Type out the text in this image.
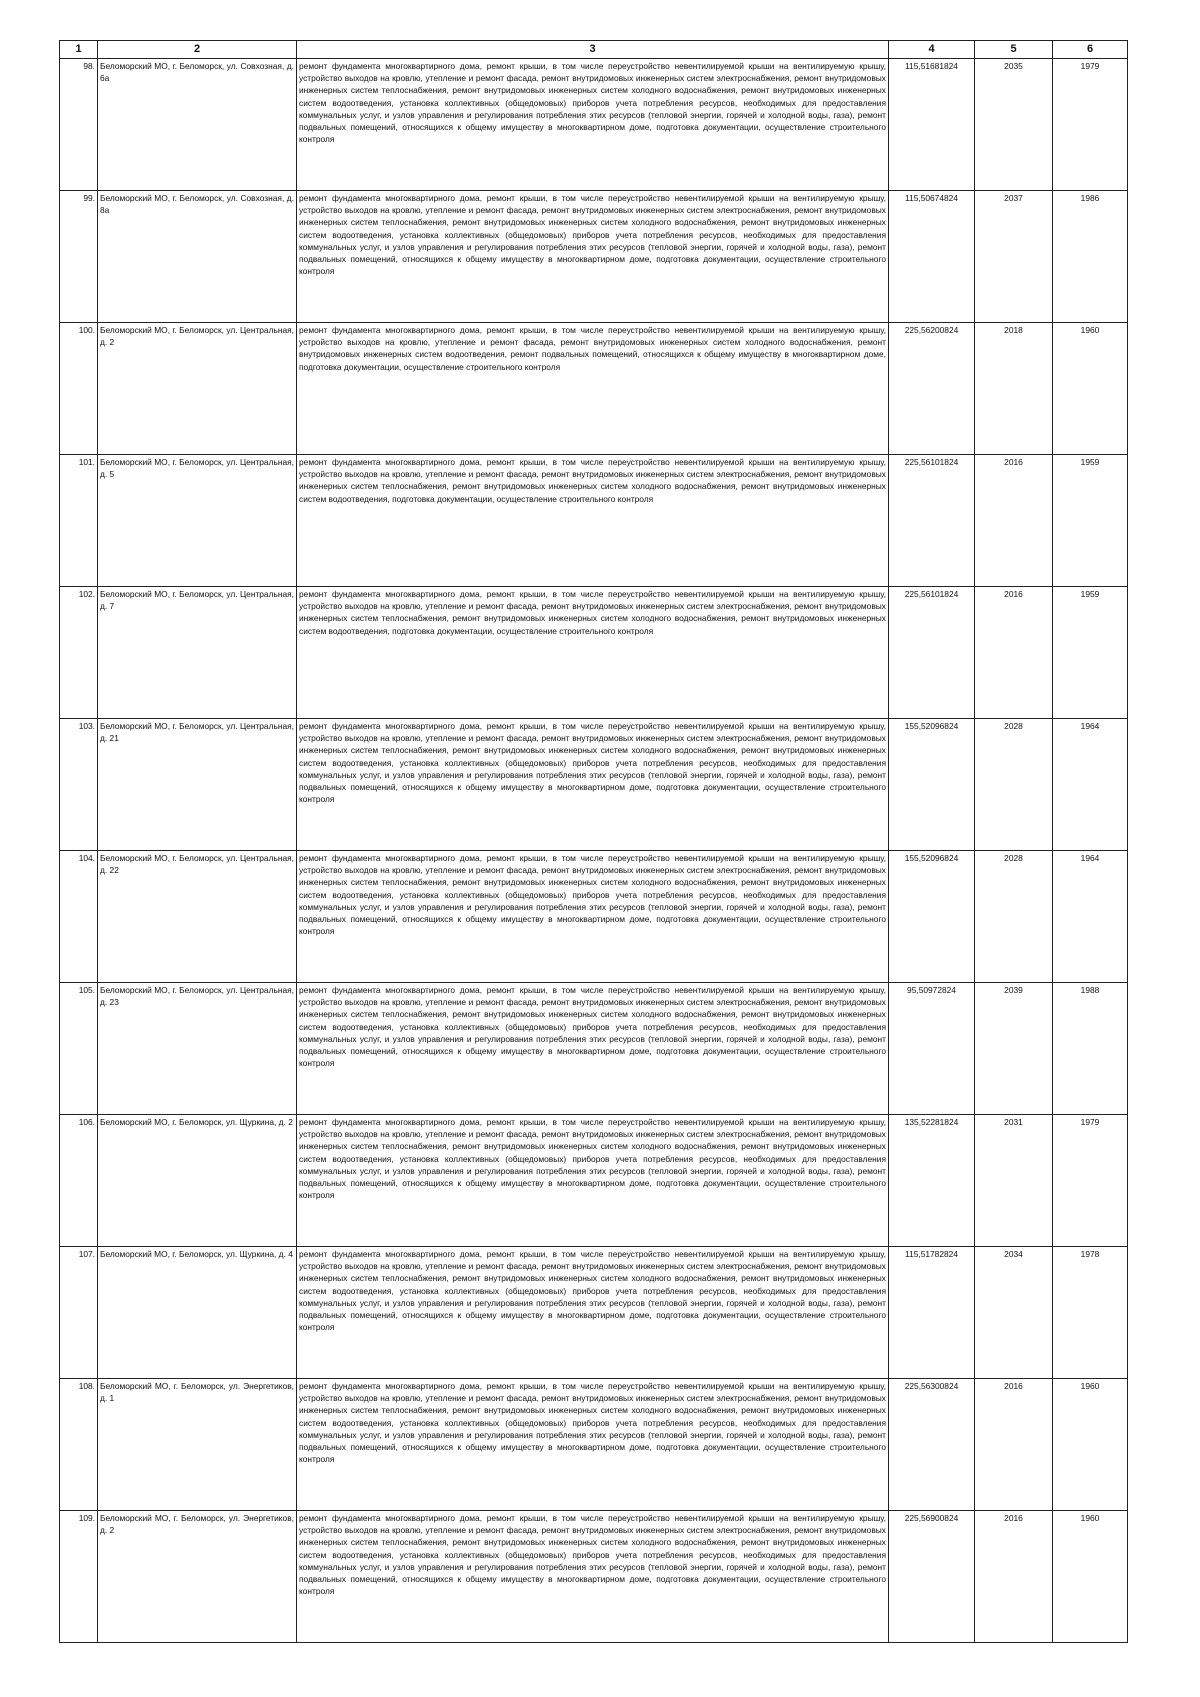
1	2	3	4	5	6
98.	Беломорский МО, г. Беломорск, ул. Совхозная, д. 6а	ремонт фундамента многоквартирного дома, ремонт крыши, в том числе переустройство невентилируемой крыши на вентилируемую крышу, устройство выходов на кровлю, утепление и ремонт фасада, ремонт внутридомовых инженерных систем электроснабжения, ремонт внутридомовых инженерных систем теплоснабжения, ремонт внутридомовых инженерных систем холодного водоснабжения, ремонт внутридомовых инженерных систем водоотведения, установка коллективных (общедомовых) приборов учета потребления ресурсов, необходимых для предоставления коммунальных услуг, и узлов управления и регулирования потребления этих ресурсов (тепловой энергии, горячей и холодной воды, газа), ремонт подвальных помещений, относящихся к общему имуществу в многоквартирном доме, подготовка документации, осуществление строительного контроля	115,51681824	2035	1979
99.	Беломорский МО, г. Беломорск, ул. Совхозная, д. 8а	ремонт фундамента многоквартирного дома, ремонт крыши, в том числе переустройство невентилируемой крыши на вентилируемую крышу, устройство выходов на кровлю, утепление и ремонт фасада, ремонт внутридомовых инженерных систем электроснабжения, ремонт внутридомовых инженерных систем теплоснабжения, ремонт внутридомовых инженерных систем холодного водоснабжения, ремонт внутридомовых инженерных систем водоотведения, установка коллективных (общедомовых) приборов учета потребления ресурсов, необходимых для предоставления коммунальных услуг, и узлов управления и регулирования потребления этих ресурсов (тепловой энергии, горячей и холодной воды, газа), ремонт подвальных помещений, относящихся к общему имуществу в многоквартирном доме, подготовка документации, осуществление строительного контроля	115,50674824	2037	1986
100.	Беломорский МО, г. Беломорск, ул. Центральная, д. 2	ремонт фундамента многоквартирного дома, ремонт крыши, в том числе переустройство невентилируемой крыши на вентилируемую крышу, устройство выходов на кровлю, утепление и ремонт фасада, ремонт внутридомовых инженерных систем холодного водоснабжения, ремонт внутридомовых инженерных систем водоотведения, ремонт подвальных помещений, относящихся к общему имуществу в многоквартирном доме, подготовка документации, осуществление строительного контроля	225,56200824	2018	1960
101.	Беломорский МО, г. Беломорск, ул. Центральная, д. 5	ремонт фундамента многоквартирного дома, ремонт крыши, в том числе переустройство невентилируемой крыши на вентилируемую крышу, устройство выходов на кровлю, утепление и ремонт фасада, ремонт внутридомовых инженерных систем электроснабжения, ремонт внутридомовых инженерных систем теплоснабжения, ремонт внутридомовых инженерных систем холодного водоснабжения, ремонт внутридомовых инженерных систем водоотведения, подготовка документации, осуществление строительного контроля	225,56101824	2016	1959
102.	Беломорский МО, г. Беломорск, ул. Центральная, д. 7	ремонт фундамента многоквартирного дома, ремонт крыши, в том числе переустройство невентилируемой крыши на вентилируемую крышу, устройство выходов на кровлю, утепление и ремонт фасада, ремонт внутридомовых инженерных систем электроснабжения, ремонт внутридомовых инженерных систем теплоснабжения, ремонт внутридомовых инженерных систем холодного водоснабжения, ремонт внутридомовых инженерных систем водоотведения, подготовка документации, осуществление строительного контроля	225,56101824	2016	1959
103.	Беломорский МО, г. Беломорск, ул. Центральная, д. 21	ремонт фундамента многоквартирного дома, ремонт крыши, в том числе переустройство невентилируемой крыши на вентилируемую крышу, устройство выходов на кровлю, утепление и ремонт фасада, ремонт внутридомовых инженерных систем электроснабжения, ремонт внутридомовых инженерных систем теплоснабжения, ремонт внутридомовых инженерных систем холодного водоснабжения, ремонт внутридомовых инженерных систем водоотведения, установка коллективных (общедомовых) приборов учета потребления ресурсов, необходимых для предоставления коммунальных услуг, и узлов управления и регулирования потребления этих ресурсов (тепловой энергии, горячей и холодной воды, газа), ремонт подвальных помещений, относящихся к общему имуществу в многоквартирном доме, подготовка документации, осуществление строительного контроля	155,52096824	2028	1964
104.	Беломорский МО, г. Беломорск, ул. Центральная, д. 22	ремонт фундамента многоквартирного дома, ремонт крыши, в том числе переустройство невентилируемой крыши на вентилируемую крышу, устройство выходов на кровлю, утепление и ремонт фасада, ремонт внутридомовых инженерных систем электроснабжения, ремонт внутридомовых инженерных систем теплоснабжения, ремонт внутридомовых инженерных систем холодного водоснабжения, ремонт внутридомовых инженерных систем водоотведения, установка коллективных (общедомовых) приборов учета потребления ресурсов, необходимых для предоставления коммунальных услуг, и узлов управления и регулирования потребления этих ресурсов (тепловой энергии, горячей и холодной воды, газа), ремонт подвальных помещений, относящихся к общему имуществу в многоквартирном доме, подготовка документации, осуществление строительного контроля	155,52096824	2028	1964
105.	Беломорский МО, г. Беломорск, ул. Центральная, д. 23	ремонт фундамента многоквартирного дома, ремонт крыши, в том числе переустройство невентилируемой крыши на вентилируемую крышу, устройство выходов на кровлю, утепление и ремонт фасада, ремонт внутридомовых инженерных систем электроснабжения, ремонт внутридомовых инженерных систем теплоснабжения, ремонт внутридомовых инженерных систем холодного водоснабжения, ремонт внутридомовых инженерных систем водоотведения, установка коллективных (общедомовых) приборов учета потребления ресурсов, необходимых для предоставления коммунальных услуг, и узлов управления и регулирования потребления этих ресурсов (тепловой энергии, горячей и холодной воды, газа), ремонт подвальных помещений, относящихся к общему имуществу в многоквартирном доме, подготовка документации, осуществление строительного контроля	95,50972824	2039	1988
106.	Беломорский МО, г. Беломорск, ул. Щуркина, д. 2	ремонт фундамента многоквартирного дома, ремонт крыши, в том числе переустройство невентилируемой крыши на вентилируемую крышу, устройство выходов на кровлю, утепление и ремонт фасада, ремонт внутридомовых инженерных систем электроснабжения, ремонт внутридомовых инженерных систем теплоснабжения, ремонт внутридомовых инженерных систем холодного водоснабжения, ремонт внутридомовых инженерных систем водоотведения, установка коллективных (общедомовых) приборов учета потребления ресурсов, необходимых для предоставления коммунальных услуг, и узлов управления и регулирования потребления этих ресурсов (тепловой энергии, горячей и холодной воды, газа), ремонт подвальных помещений, относящихся к общему имуществу в многоквартирном доме, подготовка документации, осуществление строительного контроля	135,52281824	2031	1979
107.	Беломорский МО, г. Беломорск, ул. Щуркина, д. 4	ремонт фундамента многоквартирного дома, ремонт крыши, в том числе переустройство невентилируемой крыши на вентилируемую крышу, устройство выходов на кровлю, утепление и ремонт фасада, ремонт внутридомовых инженерных систем электроснабжения, ремонт внутридомовых инженерных систем теплоснабжения, ремонт внутридомовых инженерных систем холодного водоснабжения, ремонт внутридомовых инженерных систем водоотведения, установка коллективных (общедомовых) приборов учета потребления ресурсов, необходимых для предоставления коммунальных услуг, и узлов управления и регулирования потребления этих ресурсов (тепловой энергии, горячей и холодной воды, газа), ремонт подвальных помещений, относящихся к общему имуществу в многоквартирном доме, подготовка документации, осуществление строительного контроля	115,51782824	2034	1978
108.	Беломорский МО, г. Беломорск, ул. Энергетиков, д. 1	ремонт фундамента многоквартирного дома, ремонт крыши, в том числе переустройство невентилируемой крыши на вентилируемую крышу, устройство выходов на кровлю, утепление и ремонт фасада, ремонт внутридомовых инженерных систем электроснабжения, ремонт внутридомовых инженерных систем теплоснабжения, ремонт внутридомовых инженерных систем холодного водоснабжения, ремонт внутридомовых инженерных систем водоотведения, установка коллективных (общедомовых) приборов учета потребления ресурсов, необходимых для предоставления коммунальных услуг, и узлов управления и регулирования потребления этих ресурсов (тепловой энергии, горячей и холодной воды, газа), ремонт подвальных помещений, относящихся к общему имуществу в многоквартирном доме, подготовка документации, осуществление строительного контроля	225,56300824	2016	1960
109.	Беломорский МО, г. Беломорск, ул. Энергетиков, д. 2	ремонт фундамента многоквартирного дома, ремонт крыши, в том числе переустройство невентилируемой крыши на вентилируемую крышу, устройство выходов на кровлю, утепление и ремонт фасада, ремонт внутридомовых инженерных систем электроснабжения, ремонт внутридомовых инженерных систем теплоснабжения, ремонт внутридомовых инженерных систем холодного водоснабжения, ремонт внутридомовых инженерных систем водоотведения, установка коллективных (общедомовых) приборов учета потребления ресурсов, необходимых для предоставления коммунальных услуг, и узлов управления и регулирования потребления этих ресурсов (тепловой энергии, горячей и холодной воды, газа), ремонт подвальных помещений, относящихся к общему имуществу в многоквартирном доме, подготовка документации, осуществление строительного контроля	225,56900824	2016	1960
